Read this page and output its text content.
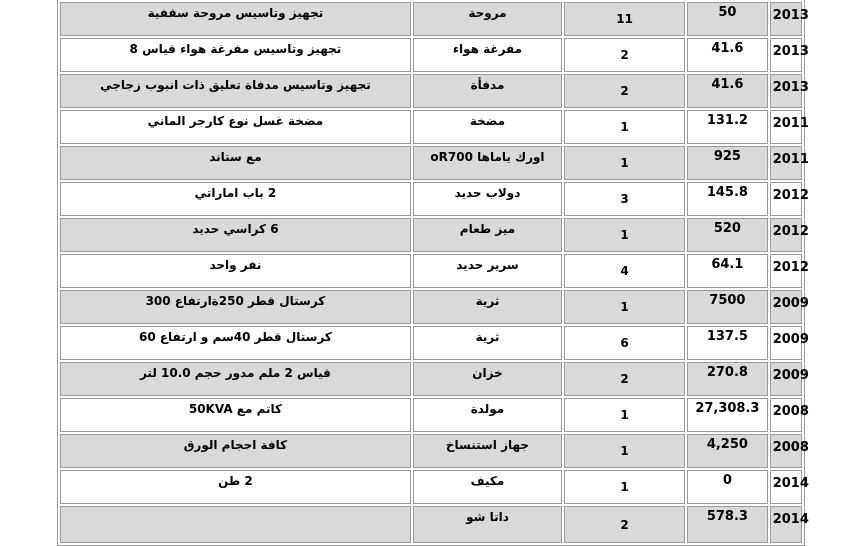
تجهيز وتاسيس مروحة سقفية	مروحة	11	50	2013
تجهيز وتاسيس مفرغة هواء قياس 8	مفرغة هواء	2	41.6	2013
تجهيز وتاسيس مدفاة تعليق ذات انبوب زجاجي	مدفأة	2	41.6	2013
مضخة غسل نوع كارجر الماني	مضخة	1	131.2	2011
مع ستاند	اورك ياماها oR700	1	925	2011
2 باب اماراتي	دولاب حديد	3	145.8	2012
6 كراسي حديد	ميز طعام	1	520	2012
نفر واحد	سرير حديد	4	64.1	2012
كرستال قطر 250ةارتفاع 300	ثرية	1	7500	2009
كرستال قطر 40سم و ارتفاع 60	ثرية	6	137.5	2009
قياس 2 ملم مدور حجم 10.0 لتر	خزان	2	270.8	2009
كاتم مع 50KVA	مولدة	1	27,308.3	2008
كافة احجام الورق	جهاز استنساخ	1	4,250	2008
2 طن	مكيف	1	0	2014
	داتا شو	2	578.3	2014
